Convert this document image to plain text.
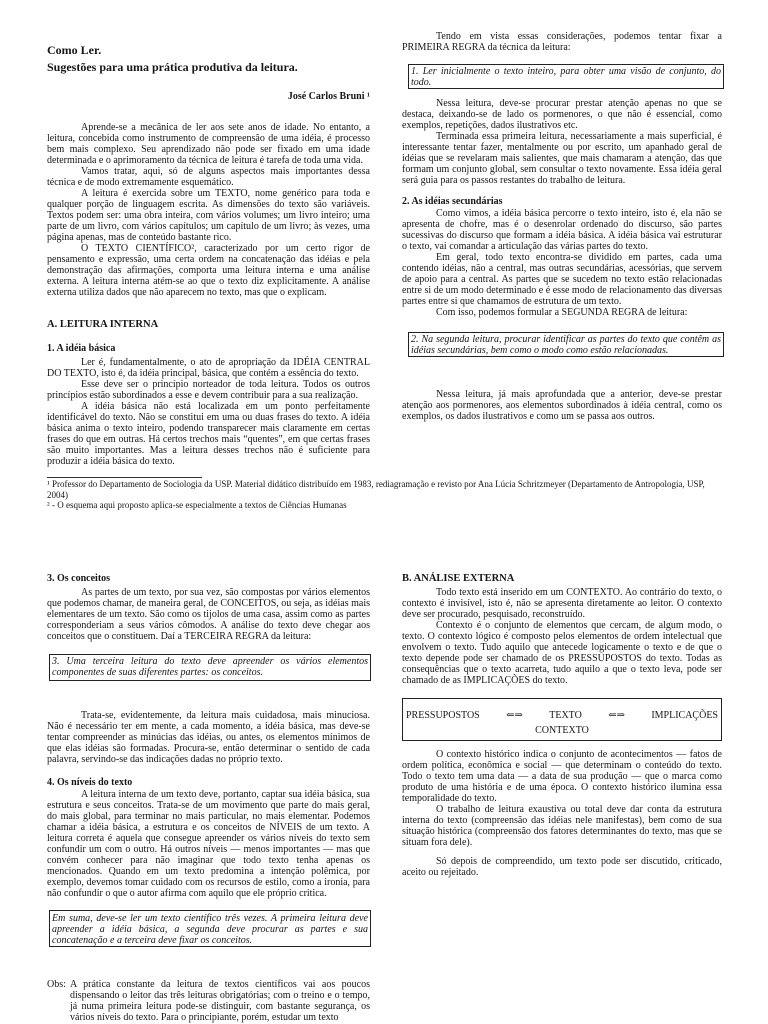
Como Ler.
Sugestões para uma prática produtiva da leitura.
José Carlos Bruni ¹

Aprende-se a mecânica de ler aos sete anos de idade. No entanto, a leitura, concebida como instrumento de compreensão de uma idéia, é processo bem mais complexo. Seu aprendizado não pode ser fixado em uma idade determinada e o aprimoramento da técnica de leitura é tarefa de toda uma vida.

Vamos tratar, aqui, só de alguns aspectos mais importantes dessa técnica e de modo extremamente esquemático.

A leitura é exercida sobre um TEXTO, nome genérico para toda e qualquer porção de linguagem escrita. As dimensões do texto são variáveis. Textos podem ser: uma obra inteira, com vários volumes; um livro inteiro; uma parte de um livro, com vários capítulos; um capítulo de um livro; às vezes, uma página apenas, mas de conteúdo bastante rico.

O TEXTO CIENTÍFICO², caracterizado por um certo rigor de pensamento e expressão, uma certa ordem na concatenação das idéias e pela demonstração das afirmações, comporta uma leitura interna e uma análise externa. A leitura interna atém-se ao que o texto diz explicitamente. A análise externa utiliza dados que não aparecem no texto, mas que o explicam.

A. LEITURA INTERNA
1. A idéia básica

Ler é, fundamentalmente, o ato de apropriação da IDÉIA CENTRAL DO TEXTO, isto é, da idéia principal, básica, que contém a essência do texto.

Esse deve ser o princípio norteador de toda leitura. Todos os outros princípios estão subordinados a esse e devem contribuir para a sua realização.

A idéia básica não está localizada em um ponto perfeitamente identificável do texto. Não se constitui em uma ou duas frases do texto. A idéia básica anima o texto inteiro, podendo transparecer mais claramente em certas frases do que em outras. Há certos trechos mais “quentes”, em que certas frases são muito importantes. Mas a leitura desses trechos não é suficiente para produzir a idéia básica do texto.

Tendo em vista essas considerações, podemos tentar fixar a PRIMEIRA REGRA da técnica da leitura:

1. Ler inicialmente o texto inteiro, para obter uma visão de conjunto, do todo.

Nessa leitura, deve-se procurar prestar atenção apenas no que se destaca, deixando-se de lado os pormenores, o que não é essencial, como exemplos, repetições, dados ilustrativos etc.

Terminada essa primeira leitura, necessariamente a mais superficial, é interessante tentar fazer, mentalmente ou por escrito, um apanhado geral de idéias que se revelaram mais salientes, que mais chamaram a atenção, das que formam um conjunto global, sem consultar o texto novamente. Essa idéia geral será guia para os passos restantes do trabalho de leitura.

2. As idéias secundárias

Como vimos, a idéia básica percorre o texto inteiro, isto é, ela não se apresenta de chofre, mas é o desenrolar ordenado do discurso, são partes sucessivas do discurso que formam a idéia básica. A idéia básica vai estruturar o texto, vai comandar a articulação das várias partes do texto.

Em geral, todo texto encontra-se dividido em partes, cada uma contendo idéias, não a central, mas outras secundárias, acessórias, que servem de apoio para a central. As partes que se sucedem no texto estão relacionadas entre si de um modo determinado e é esse modo de relacionamento das diversas partes entre si que chamamos de estrutura de um texto.

Com isso, podemos formular a SEGUNDA REGRA de leitura:

2. Na segunda leitura, procurar identificar as partes do texto que contêm as idéias secundárias, bem como o modo como estão relacionadas.

Nessa leitura, já mais aprofundada que a anterior, deve-se prestar atenção aos pormenores, aos elementos subordinados à idéia central, como os exemplos, os dados ilustrativos e como um se passa aos outros.

¹ Professor do Departamento de Sociologia da USP. Material didático distribuído em 1983, rediagramação e revisto por Ana Lúcia Schritzmeyer (Departamento de Antropologia, USP, 2004)

² - O esquema aqui proposto aplica-se especialmente a textos de Ciências Humanas

3. Os conceitos

As partes de um texto, por sua vez, são compostas por vários elementos que podemos chamar, de maneira geral, de CONCEITOS, ou seja, as idéias mais elementares de um texto. São como os tijolos de uma casa, assim como as partes corresponderiam a seus vários cômodos. A análise do texto deve chegar aos conceitos que o constituem. Daí a TERCEIRA REGRA da leitura:

3. Uma terceira leitura do texto deve apreender os vários elementos componentes de suas diferentes partes: os conceitos.

Trata-se, evidentemente, da leitura mais cuidadosa, mais minuciosa. Não é necessário ter em mente, a cada momento, a idéia básica, mas deve-se tentar compreender as minúcias das idéias, ou antes, os elementos mínimos de que elas idéias são formadas. Procura-se, então determinar o sentido de cada palavra, servindo-se das indicações dadas no próprio texto.

4. Os níveis do texto

A leitura interna de um texto deve, portanto, captar sua idéia básica, sua estrutura e seus conceitos. Trata-se de um movimento que parte do mais geral, do mais global, para terminar no mais particular, no mais elementar. Podemos chamar a idéia básica, a estrutura e os conceitos de NÍVEIS de um texto. A leitura correta é aquela que consegue apreender os vários níveis do texto sem confundir um com o outro. Há outros níveis — menos importantes — mas que convém conhecer para não imaginar que todo texto tenha apenas os mencionados. Quando em um texto predomina a intenção polêmica, por exemplo, devemos tomar cuidado com os recursos de estilo, como a ironia, para não confundir o que o autor afirma com aquilo que ele próprio critica.

Em suma, deve-se ler um texto científico três vezes. A primeira leitura deve apreender a idéia básica, a segunda deve procurar as partes e sua concatenação e a terceira deve fixar os conceitos.

Obs: A prática constante da leitura de textos científicos vai aos poucos dispensando o leitor das três leituras obrigatórias; com o treino e o tempo, já numa primeira leitura pode-se distinguir, com bastante segurança, os vários níveis do texto. Para o principiante, porém, estudar um texto

B. ANÁLISE EXTERNA

Todo texto está inserido em um CONTEXTO. Ao contrário do texto, o contexto é invisível, isto é, não se apresenta diretamente ao leitor. O contexto deve ser procurado, pesquisado, reconstruído.

Contexto é o conjunto de elementos que cercam, de algum modo, o texto. O contexto lógico é composto pelos elementos de ordem intelectual que envolvem o texto. Tudo aquilo que antecede logicamente o texto e de que o texto depende pode ser chamado de os PRESSUPOSTOS do texto. Todas as consequências que o texto acarreta, tudo aquilo a que o texto leva, pode ser chamado de as IMPLICAÇÕES do texto.

PRESSUPOSTOS	⇐⇒	TEXTO	⇐⇒	IMPLICAÇÕES
CONTEXTO

O contexto histórico indica o conjunto de acontecimentos — fatos de ordem política, econômica e social — que determinam o conteúdo do texto. Todo o texto tem uma data — a data de sua produção — que o marca como produto de uma história e de uma época. O contexto histórico ilumina essa temporalidade do texto.

O trabalho de leitura exaustiva ou total deve dar conta da estrutura interna do texto (compreensão das idéias nele manifestas), bem como de sua situação histórica (compreensão dos fatores determinantes do texto, mas que se situam fora dele).

Só depois de compreendido, um texto pode ser discutido, criticado, aceito ou rejeitado.
